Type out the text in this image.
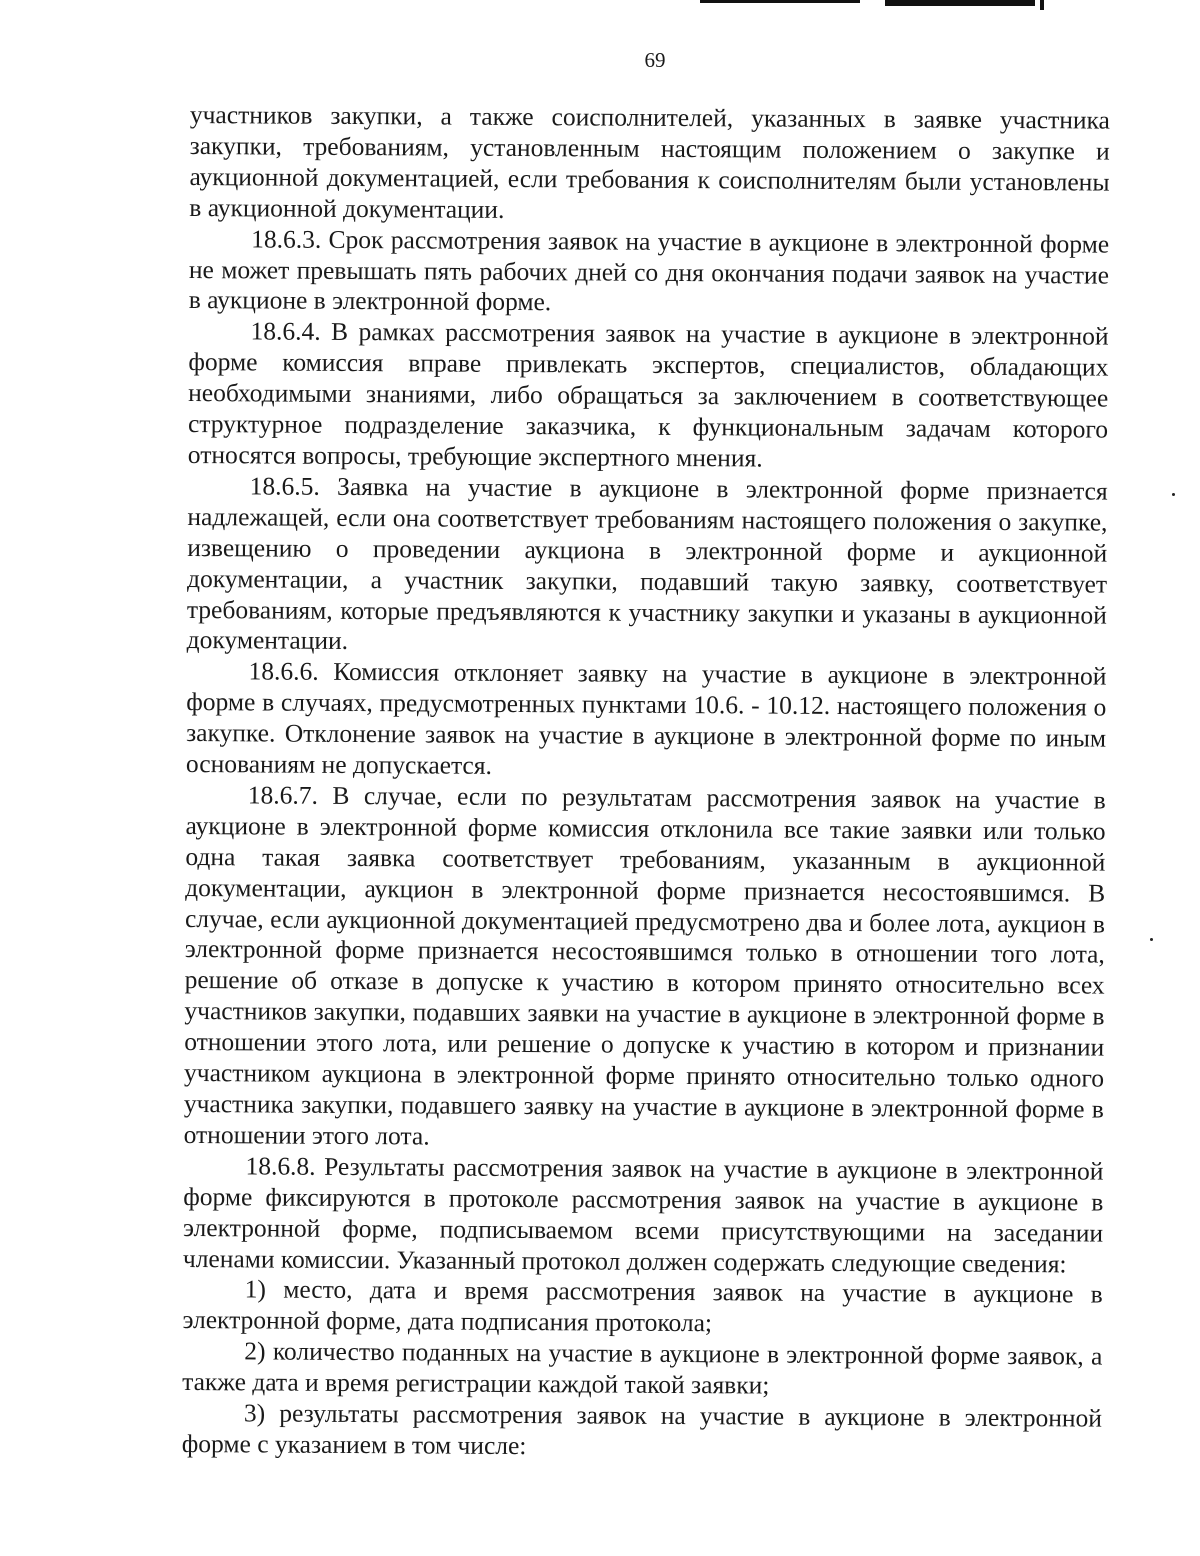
69

участников закупки, а также соисполнителей, указанных в заявке участника закупки, требованиям, установленным настоящим положением о закупке и аукционной документацией, если требования к соисполнителям были установлены в аукционной документации.

18.6.3. Срок рассмотрения заявок на участие в аукционе в электронной форме не может превышать пять рабочих дней со дня окончания подачи заявок на участие в аукционе в электронной форме.

18.6.4. В рамках рассмотрения заявок на участие в аукционе в электронной форме комиссия вправе привлекать экспертов, специалистов, обладающих необходимыми знаниями, либо обращаться за заключением в соответствующее структурное подразделение заказчика, к функциональным задачам которого относятся вопросы, требующие экспертного мнения.

18.6.5. Заявка на участие в аукционе в электронной форме признается надлежащей, если она соответствует требованиям настоящего положения о закупке, извещению о проведении аукциона в электронной форме и аукционной документации, а участник закупки, подавший такую заявку, соответствует требованиям, которые предъявляются к участнику закупки и указаны в аукционной документации.

18.6.6. Комиссия отклоняет заявку на участие в аукционе в электронной форме в случаях, предусмотренных пунктами 10.6. - 10.12. настоящего положения о закупке. Отклонение заявок на участие в аукционе в электронной форме по иным основаниям не допускается.

18.6.7. В случае, если по результатам рассмотрения заявок на участие в аукционе в электронной форме комиссия отклонила все такие заявки или только одна такая заявка соответствует требованиям, указанным в аукционной документации, аукцион в электронной форме признается несостоявшимся. В случае, если аукционной документацией предусмотрено два и более лота, аукцион в электронной форме признается несостоявшимся только в отношении того лота, решение об отказе в допуске к участию в котором принято относительно всех участников закупки, подавших заявки на участие в аукционе в электронной форме в отношении этого лота, или решение о допуске к участию в котором и признании участником аукциона в электронной форме принято относительно только одного участника закупки, подавшего заявку на участие в аукционе в электронной форме в отношении этого лота.

18.6.8. Результаты рассмотрения заявок на участие в аукционе в электронной форме фиксируются в протоколе рассмотрения заявок на участие в аукционе в электронной форме, подписываемом всеми присутствующими на заседании членами комиссии. Указанный протокол должен содержать следующие сведения:

1) место, дата и время рассмотрения заявок на участие в аукционе в электронной форме, дата подписания протокола;

2) количество поданных на участие в аукционе в электронной форме заявок, а также дата и время регистрации каждой такой заявки;

3) результаты рассмотрения заявок на участие в аукционе в электронной форме с указанием в том числе:
